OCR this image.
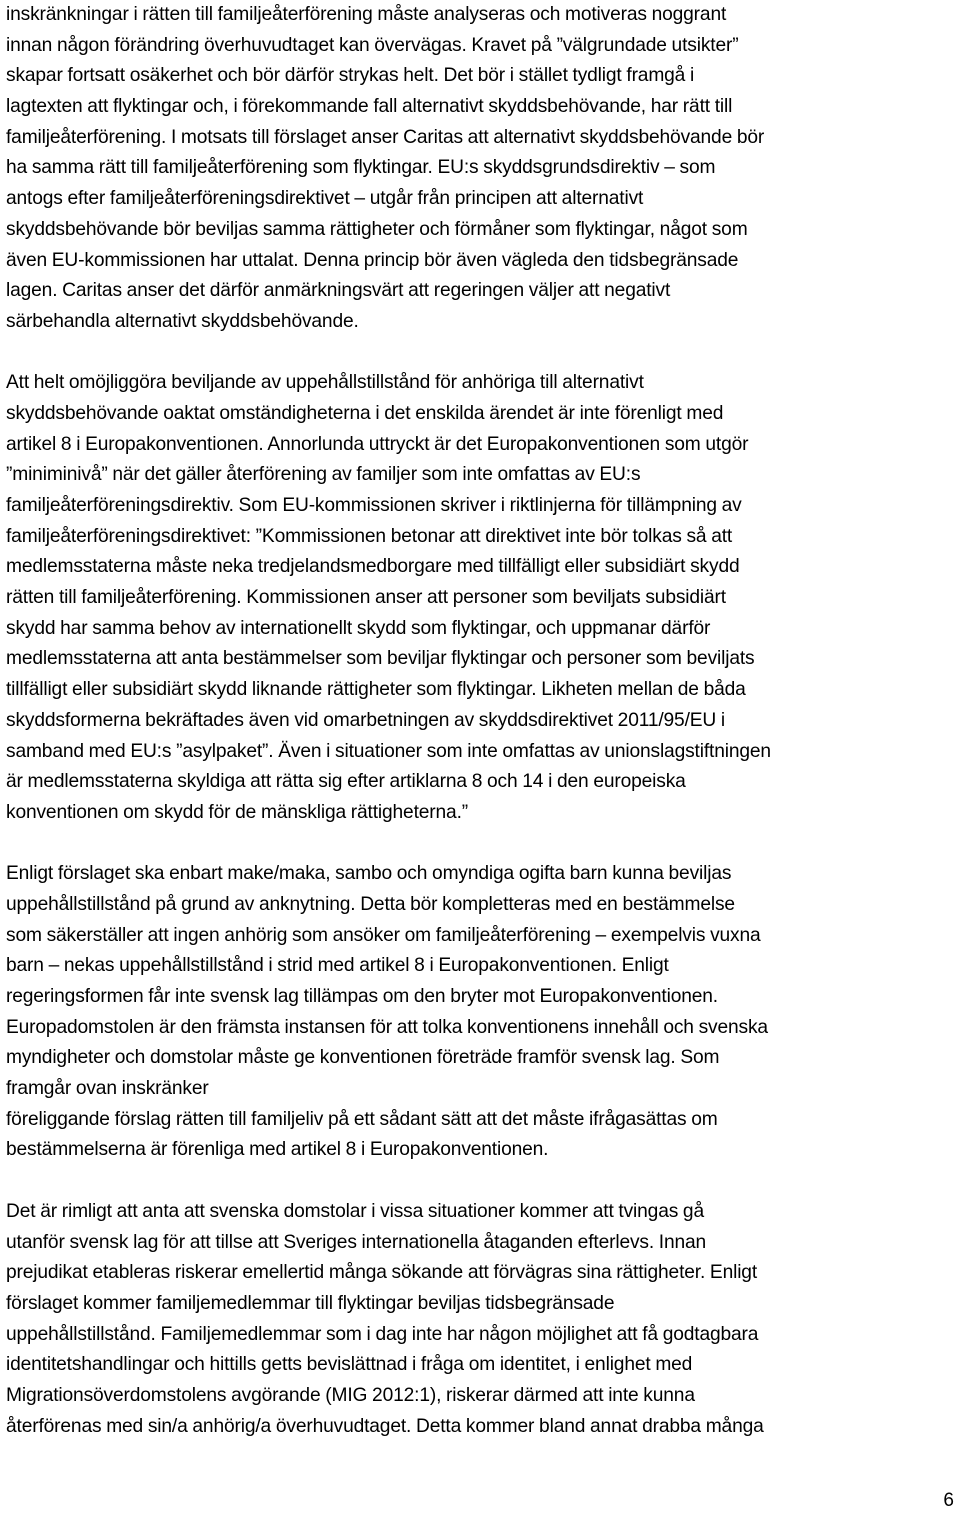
inskränkningar i rätten till familjeåterförening måste analyseras och motiveras noggrant
innan någon förändring överhuvudtaget kan övervägas. Kravet på ”välgrundade utsikter”
skapar fortsatt osäkerhet och bör därför strykas helt. Det bör i stället tydligt framgå i
lagtexten att flyktingar och, i förekommande fall alternativt skyddsbehövande, har rätt till
familjeåterförening. I motsats till förslaget anser Caritas att alternativt skyddsbehövande bör
ha samma rätt till familjeåterförening som flyktingar. EU:s skyddsgrundsdirektiv – som
antogs efter familjeåterföreningsdirektivet – utgår från principen att alternativt
skyddsbehövande bör beviljas samma rättigheter och förmåner som flyktingar, något som
även EU-kommissionen har uttalat. Denna princip bör även vägleda den tidsbegränsade
lagen. Caritas anser det därför anmärkningsvärt att regeringen väljer att negativt
särbehandla alternativt skyddsbehövande.
Att helt omöjliggöra beviljande av uppehållstillstånd för anhöriga till alternativt
skyddsbehövande oaktat omständigheterna i det enskilda ärendet är inte förenligt med
artikel 8 i Europakonventionen. Annorlunda uttryckt är det Europakonventionen som utgör
”miniminivå” när det gäller återförening av familjer som inte omfattas av EU:s
familjeåterföreningsdirektiv. Som EU-kommissionen skriver i riktlinjerna för tillämpning av
familjeåterföreningsdirektivet: ”Kommissionen betonar att direktivet inte bör tolkas så att
medlemsstaterna måste neka tredjelandsmedborgare med tillfälligt eller subsidiärt skydd
rätten till familjeåterförening. Kommissionen anser att personer som beviljats subsidiärt
skydd har samma behov av internationellt skydd som flyktingar, och uppmanar därför
medlemsstaterna att anta bestämmelser som beviljar flyktingar och personer som beviljats
tillfälligt eller subsidiärt skydd liknande rättigheter som flyktingar. Likheten mellan de båda
skyddsformerna bekräftades även vid omarbetningen av skyddsdirektivet 2011/95/EU i
samband med EU:s ”asylpaket”. Även i situationer som inte omfattas av unionslagstiftningen
är medlemsstaterna skyldiga att rätta sig efter artiklarna 8 och 14 i den europeiska
konventionen om skydd för de mänskliga rättigheterna.”
Enligt förslaget ska enbart make/maka, sambo och omyndiga ogifta barn kunna beviljas
uppehållstillstånd på grund av anknytning. Detta bör kompletteras med en bestämmelse
som säkerställer att ingen anhörig som ansöker om familjeåterförening – exempelvis vuxna
barn – nekas uppehållstillstånd i strid med artikel 8 i Europakonventionen. Enligt
regeringsformen får inte svensk lag tillämpas om den bryter mot Europakonventionen.
Europadomstolen är den främsta instansen för att tolka konventionens innehåll och svenska
myndigheter och domstolar måste ge konventionen företräde framför svensk lag. Som
framgår ovan inskränker
föreliggande förslag rätten till familjeliv på ett sådant sätt att det måste ifrågasättas om
bestämmelserna är förenliga med artikel 8 i Europakonventionen.
Det är rimligt att anta att svenska domstolar i vissa situationer kommer att tvingas gå
utanför svensk lag för att tillse att Sveriges internationella åtaganden efterlevs. Innan
prejudikat etableras riskerar emellertid många sökande att förvägras sina rättigheter. Enligt
förslaget kommer familjemedlemmar till flyktingar beviljas tidsbegränsade
uppehållstillstånd. Familjemedlemmar som i dag inte har någon möjlighet att få godtagbara
identitetshandlingar och hittills getts bevislättnad i fråga om identitet, i enlighet med
Migrationsöverdomstolens avgörande (MIG 2012:1), riskerar därmed att inte kunna
återförenas med sin/a anhörig/a överhuvudtaget. Detta kommer bland annat drabba många
6
